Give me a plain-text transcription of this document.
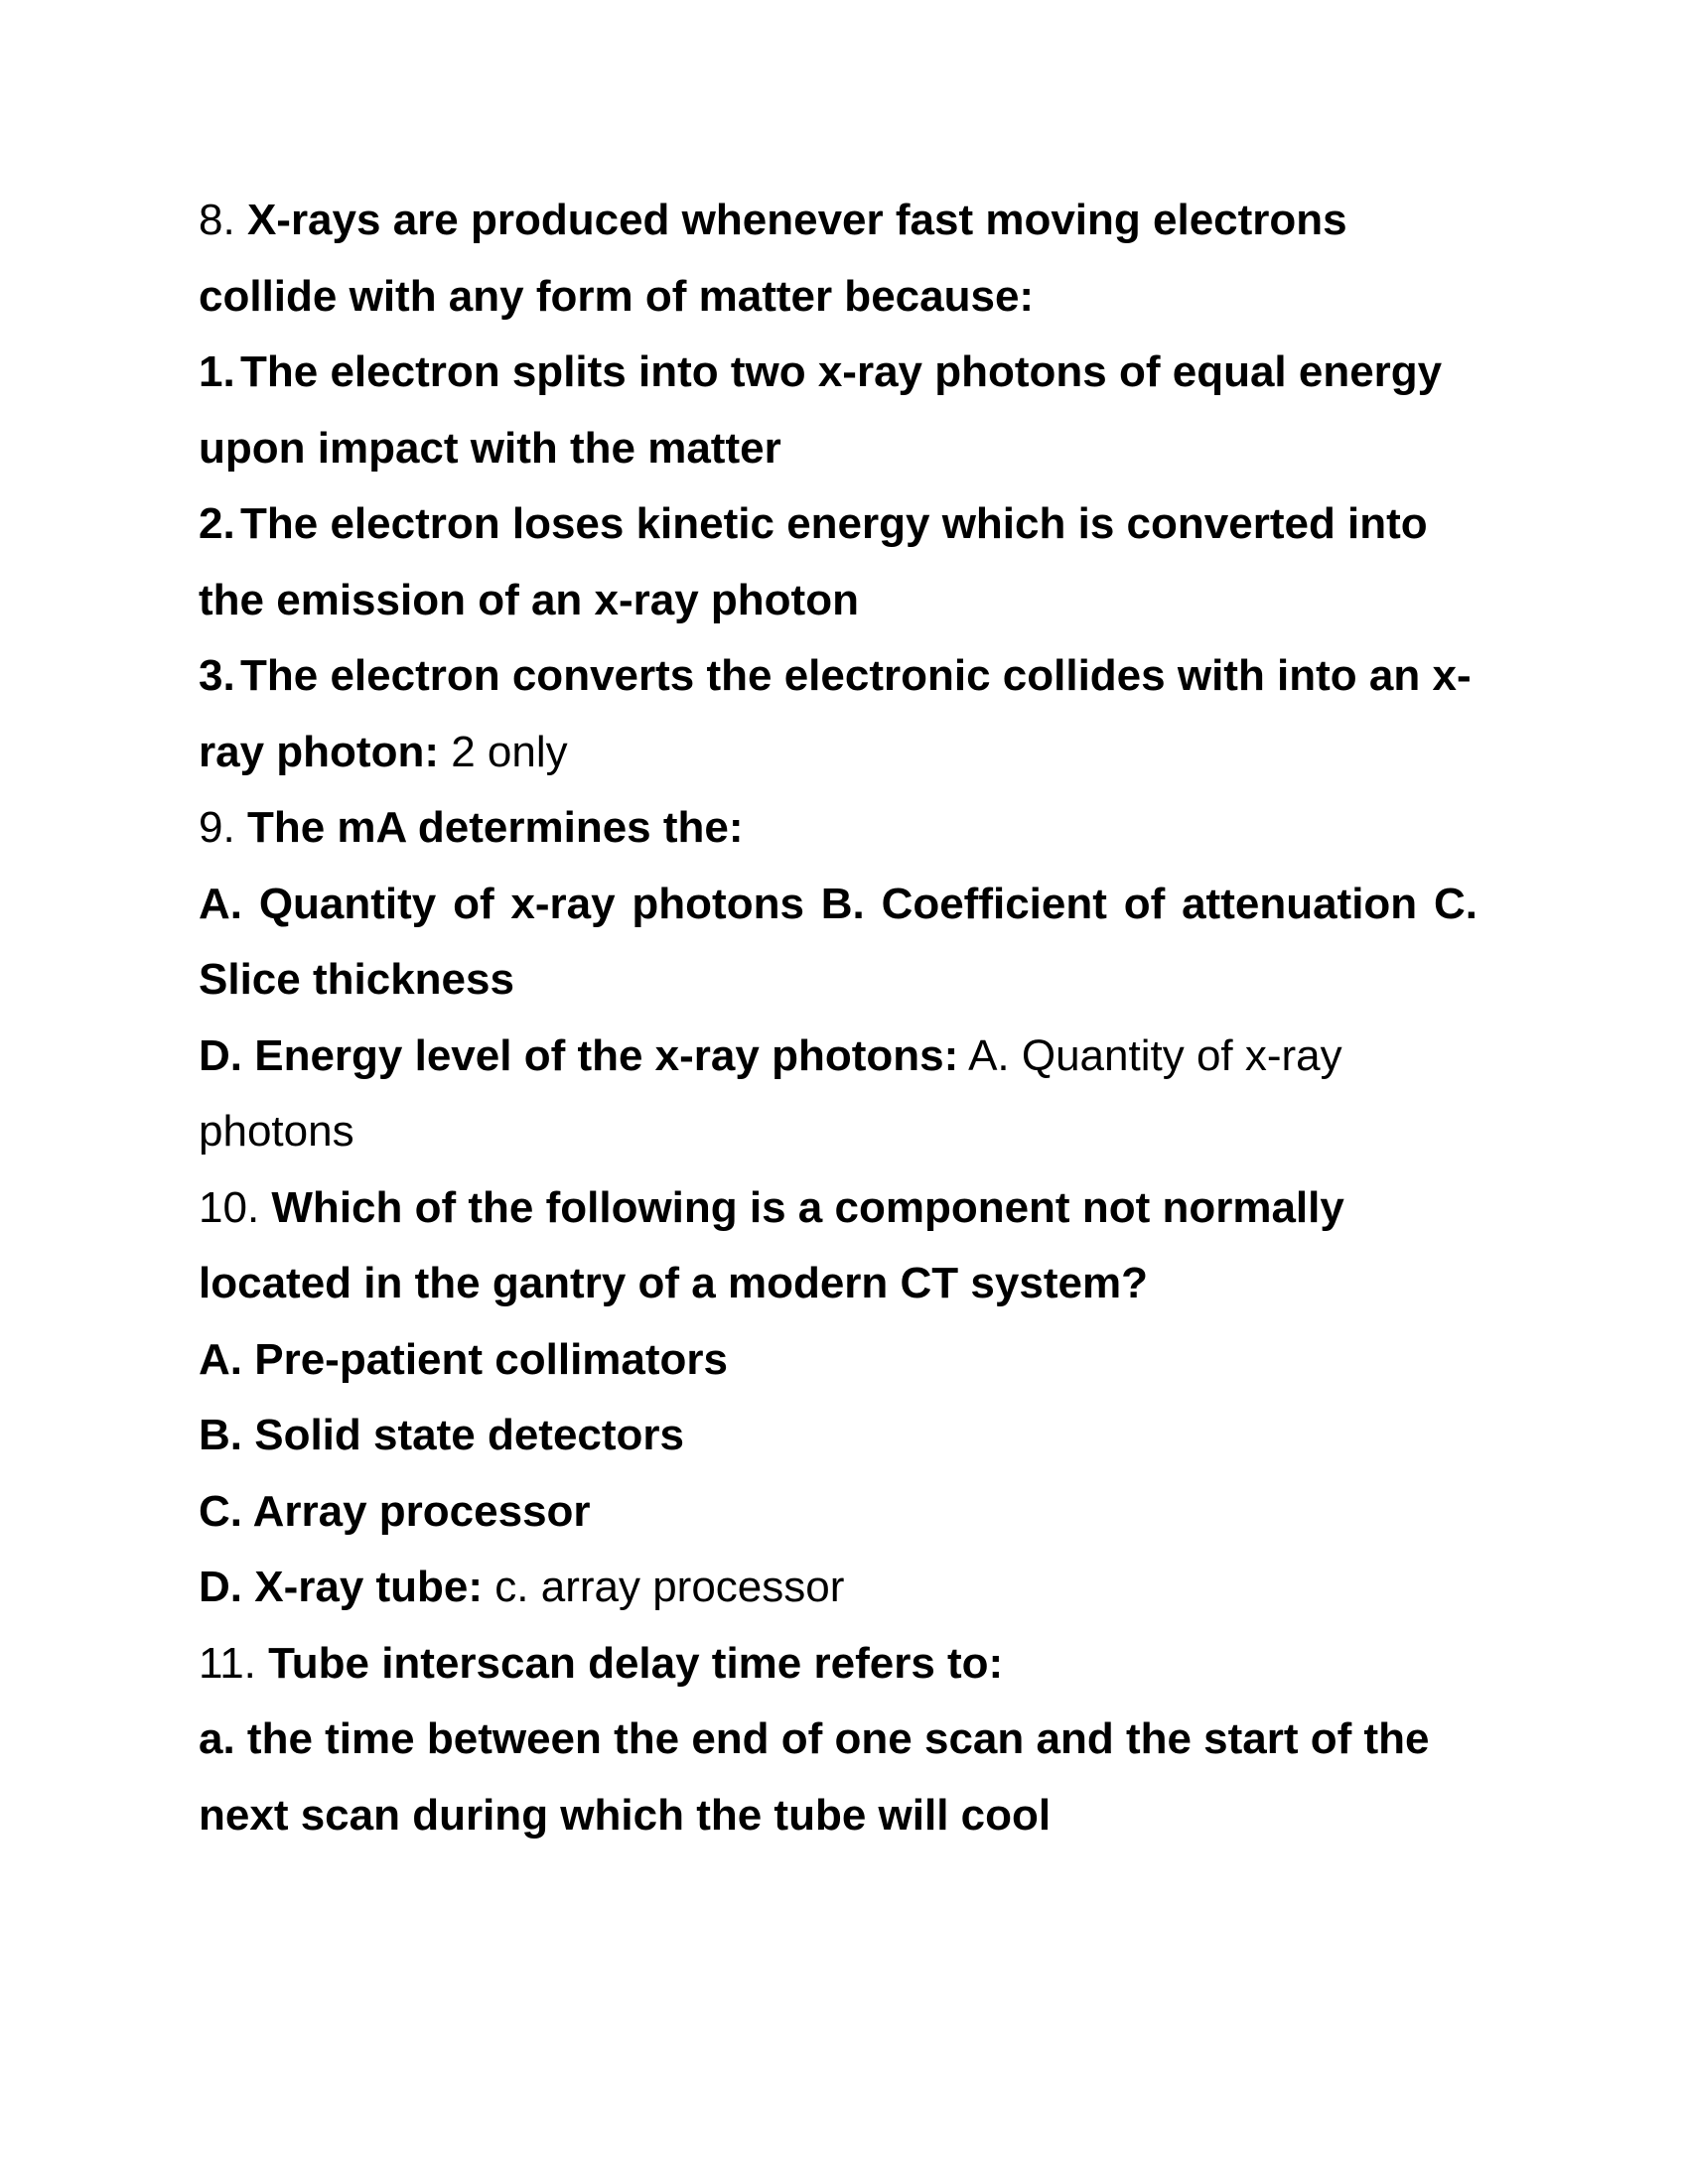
8. X-rays are produced whenever fast moving electrons
collide with any form of matter because:
1. The electron splits into two x-ray photons of equal energy
upon impact with the matter
2. The electron loses kinetic energy which is converted into
the emission of an x-ray photon
3. The electron converts the electronic collides with into an x-
ray photon: 2 only
9. The mA determines the:
A. Quantity of x-ray photons B. Coefficient of attenuation C.
Slice thickness
D. Energy level of the x-ray photons: A. Quantity of x-ray
photons
10. Which of the following is a component not normally
located in the gantry of a modern CT system?
A. Pre-patient collimators
B. Solid state detectors
C. Array processor
D. X-ray tube: c. array processor
11. Tube interscan delay time refers to:
a. the time between the end of one scan and the start of the
next scan during which the tube will cool
